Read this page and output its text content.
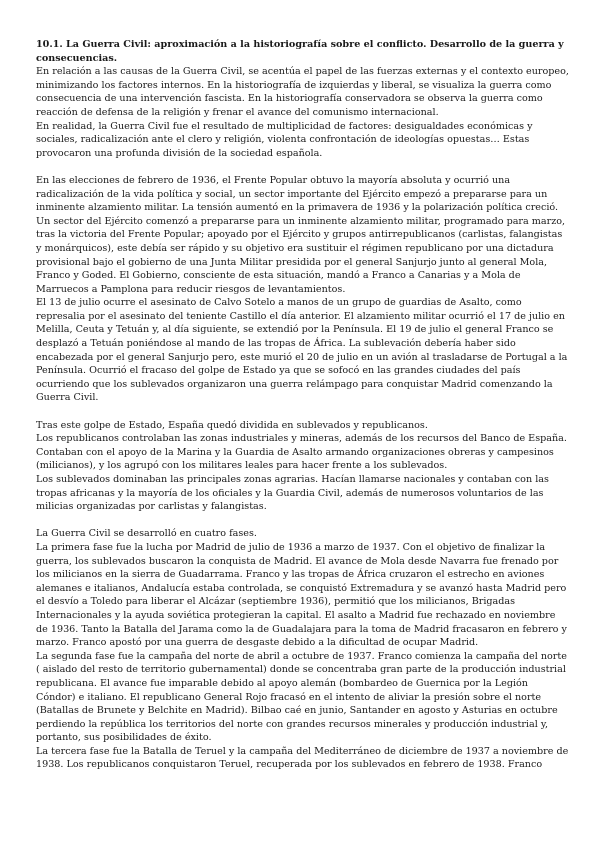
10.1. La Guerra Civil: aproximación a la historiografía sobre el conflicto. Desarrollo de la guerra y consecuencias.

En relación a las causas de la Guerra Civil, se acentúa el papel de las fuerzas externas y el contexto europeo, minimizando los factores internos. En la historiografía de izquierdas y liberal, se visualiza la guerra como consecuencia de una intervención fascista. En la historiografía conservadora se observa la guerra como reacción de defensa de la religión y frenar el avance del comunismo internacional.

En realidad, la Guerra Civil fue el resultado de multiplicidad de factores: desigualdades económicas y sociales, radicalización ante el clero y religión, violenta confrontación de ideologías opuestas… Estas provocaron una profunda división de la sociedad española.

En las elecciones de febrero de 1936, el Frente Popular obtuvo la mayoría absoluta y ocurrió una radicalización de la vida política y social, un sector importante del Ejército empezó a prepararse para un inminente alzamiento militar. La tensión aumentó en la primavera de 1936 y la polarización política creció.

Un sector del Ejército comenzó a prepararse para un inminente alzamiento militar, programado para marzo, tras la victoria del Frente Popular; apoyado por el Ejército y grupos antirrepublicanos (carlistas, falangistas y monárquicos), este debía ser rápido y su objetivo era sustituir el régimen republicano por una dictadura provisional bajo el gobierno de una Junta Militar presidida por el general Sanjurjo junto al general Mola, Franco y Goded. El Gobierno, consciente de esta situación, mandó a Franco a Canarias y a Mola de Marruecos a Pamplona para reducir riesgos de levantamientos.

El 13 de julio ocurre el asesinato de Calvo Sotelo a manos de un grupo de guardias de Asalto, como represalia por el asesinato del teniente Castillo el día anterior. El alzamiento militar ocurrió el 17 de julio en Melilla, Ceuta y Tetuán y, al día siguiente, se extendió por la Península. El 19 de julio el general Franco se desplazó a Tetuán poniéndose al mando de las tropas de África. La sublevación debería haber sido encabezada por el general Sanjurjo pero, este murió el 20 de julio en un avión al trasladarse de Portugal a la Península. Ocurrió el fracaso del golpe de Estado ya que se sofocó en las grandes ciudades del país ocurriendo que los sublevados organizaron una guerra relámpago para conquistar Madrid comenzando la Guerra Civil.

Tras este golpe de Estado, España quedó dividida en sublevados y republicanos.

Los republicanos controlaban las zonas industriales y mineras, además de los recursos del Banco de España. Contaban con el apoyo de la Marina y la Guardia de Asalto armando organizaciones obreras y campesinos (milicianos), y los agrupó con los militares leales para hacer frente a los sublevados.

Los sublevados dominaban las principales zonas agrarias. Hacían llamarse nacionales y contaban con las tropas africanas y la mayoría de los oficiales y la Guardia Civil, además de numerosos voluntarios de las milicias organizadas por carlistas y falangistas.

La Guerra Civil se desarrolló en cuatro fases.

La primera fase fue la lucha por Madrid de julio de 1936 a marzo de 1937. Con el objetivo de finalizar la guerra, los sublevados buscaron la conquista de Madrid. El avance de Mola desde Navarra fue frenado por los milicianos en la sierra de Guadarrama. Franco y las tropas de África cruzaron el estrecho en aviones alemanes e italianos, Andalucía estaba controlada, se conquistó Extremadura y se avanzó hasta Madrid pero el desvío a Toledo para liberar el Alcázar (septiembre 1936), permitió que los milicianos, Brigadas Internacionales y la ayuda soviética protegieran la capital. El asalto a Madrid fue rechazado en noviembre de 1936. Tanto la Batalla del Jarama como la de Guadalajara para la toma de Madrid fracasaron en febrero y marzo. Franco apostó por una guerra de desgaste debido a la dificultad de ocupar Madrid.

La segunda fase fue la campaña del norte de abril a octubre de 1937. Franco comienza la campaña del norte ( aislado del resto de territorio gubernamental) donde se concentraba gran parte de la producción industrial republicana. El avance fue imparable debido al apoyo alemán (bombardeo de Guernica por la Legión Cóndor) e italiano. El republicano General Rojo fracasó en el intento de aliviar la presión sobre el norte (Batallas de Brunete y Belchite en Madrid). Bilbao caé en junio, Santander en agosto y Asturias en octubre perdiendo la república los territorios del norte con grandes recursos minerales y producción industrial y, portanto, sus posibilidades de éxito.

La tercera fase fue la Batalla de Teruel y la campaña del Mediterráneo de diciembre de 1937 a noviembre de 1938. Los republicanos conquistaron Teruel, recuperada por los sublevados en febrero de 1938. Franco
